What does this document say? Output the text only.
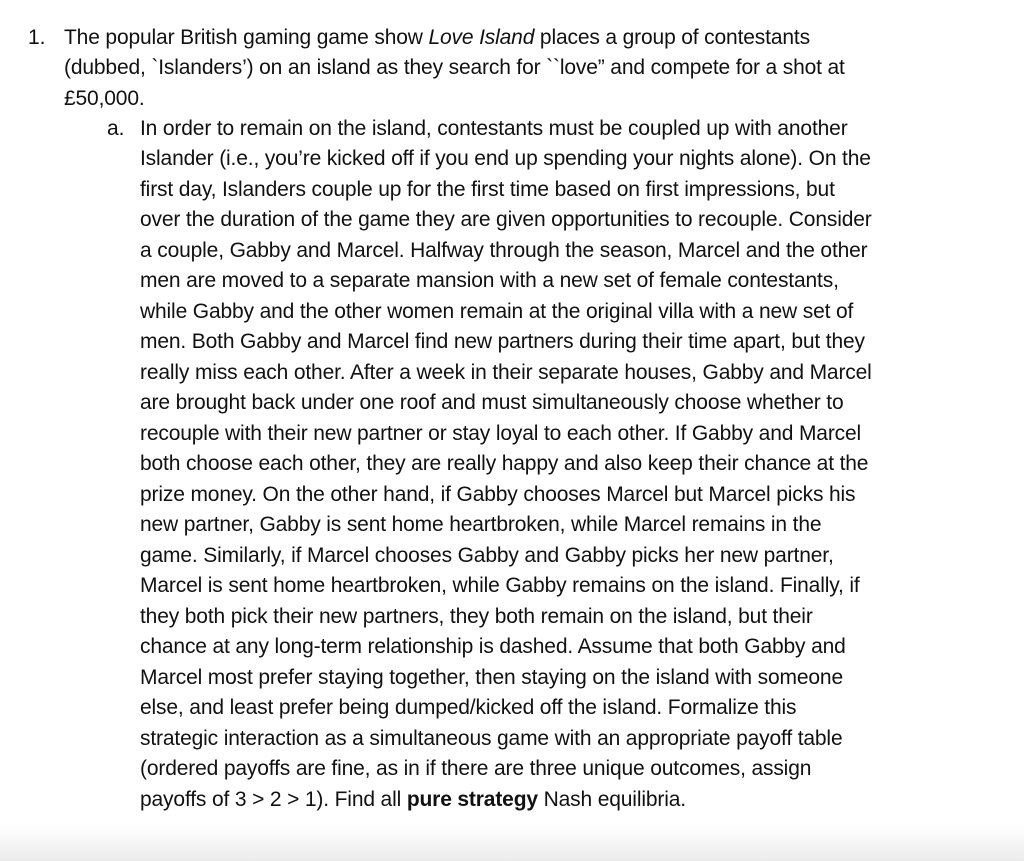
1. The popular British gaming game show Love Island places a group of contestants
(dubbed, `Islanders’) on an island as they search for ``love” and compete for a shot at
£50,000.
a. In order to remain on the island, contestants must be coupled up with another
Islander (i.e., you’re kicked off if you end up spending your nights alone). On the
first day, Islanders couple up for the first time based on first impressions, but
over the duration of the game they are given opportunities to recouple. Consider
a couple, Gabby and Marcel. Halfway through the season, Marcel and the other
men are moved to a separate mansion with a new set of female contestants,
while Gabby and the other women remain at the original villa with a new set of
men. Both Gabby and Marcel find new partners during their time apart, but they
really miss each other. After a week in their separate houses, Gabby and Marcel
are brought back under one roof and must simultaneously choose whether to
recouple with their new partner or stay loyal to each other. If Gabby and Marcel
both choose each other, they are really happy and also keep their chance at the
prize money. On the other hand, if Gabby chooses Marcel but Marcel picks his
new partner, Gabby is sent home heartbroken, while Marcel remains in the
game. Similarly, if Marcel chooses Gabby and Gabby picks her new partner,
Marcel is sent home heartbroken, while Gabby remains on the island. Finally, if
they both pick their new partners, they both remain on the island, but their
chance at any long-term relationship is dashed. Assume that both Gabby and
Marcel most prefer staying together, then staying on the island with someone
else, and least prefer being dumped/kicked off the island. Formalize this
strategic interaction as a simultaneous game with an appropriate payoff table
(ordered payoffs are fine, as in if there are three unique outcomes, assign
payoffs of 3 > 2 > 1). Find all pure strategy Nash equilibria.
